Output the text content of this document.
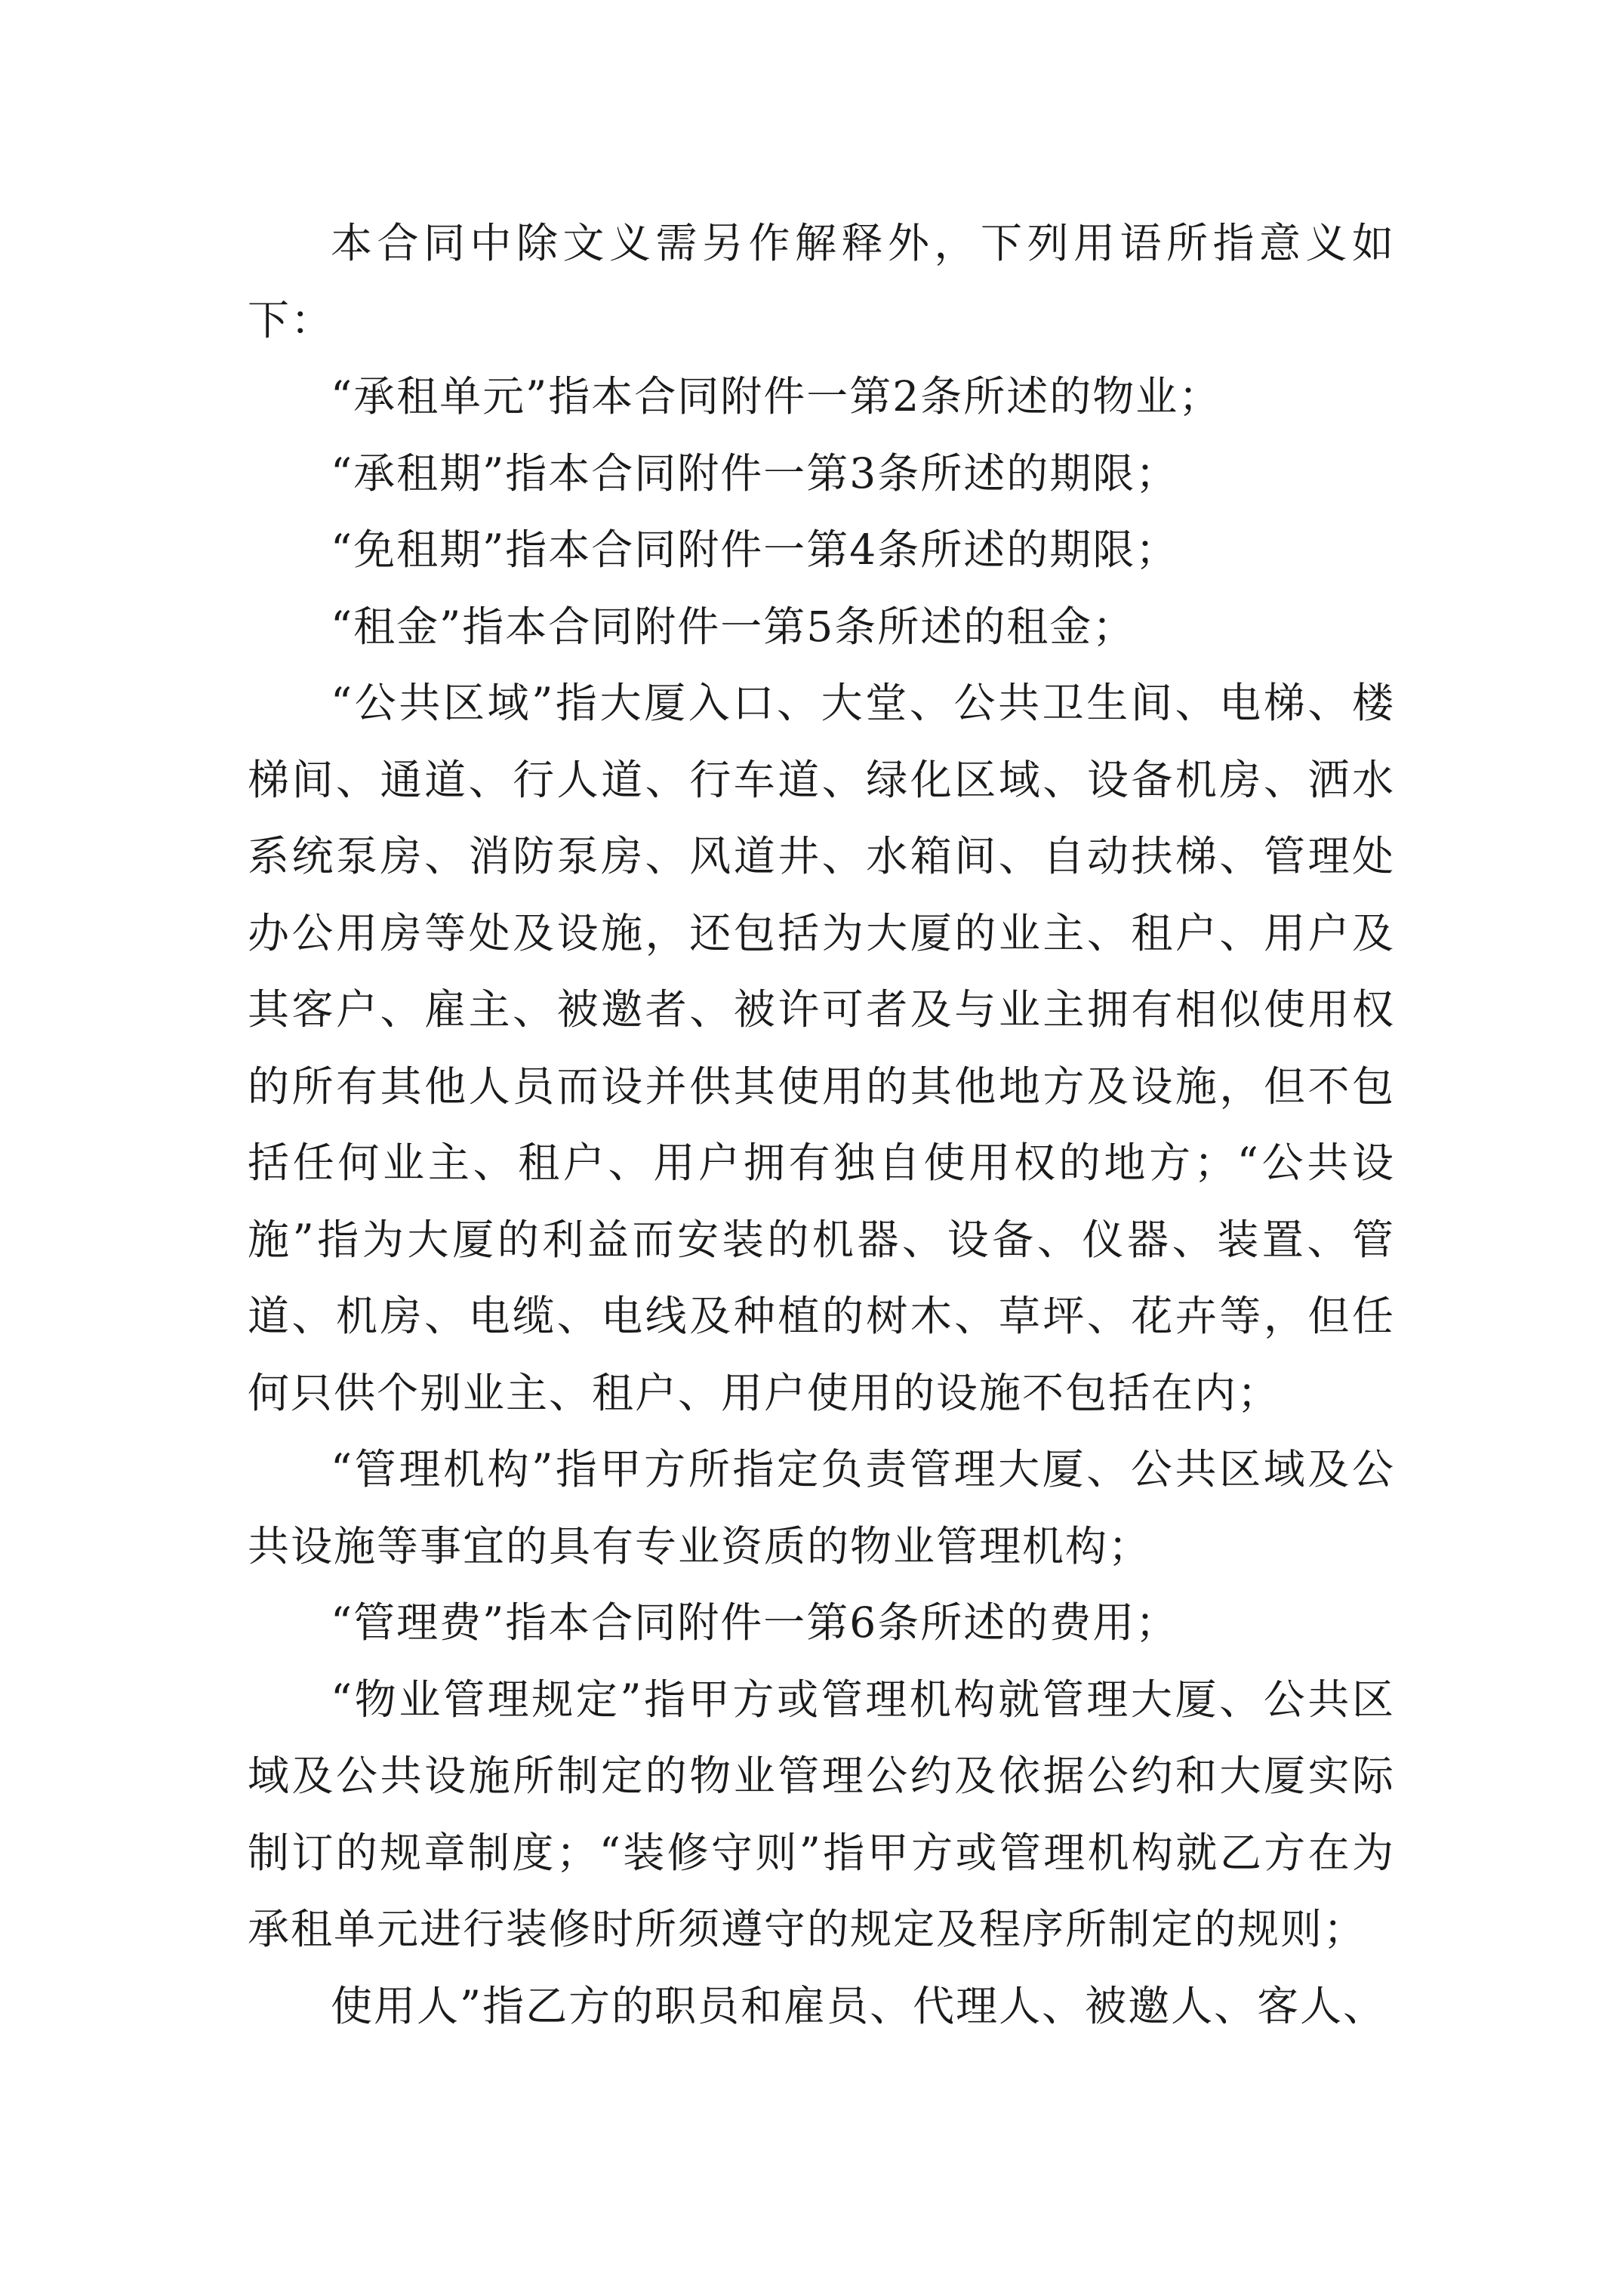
本合同中除文义需另作解释外，下列用语所指意义如下：

“承租单元”指本合同附件一第2条所述的物业；

“承租期”指本合同附件一第3条所述的期限；

“免租期”指本合同附件一第4条所述的期限；

“租金”指本合同附件一第5条所述的租金；

“公共区域”指大厦入口、大堂、公共卫生间、电梯、楼梯间、通道、行人道、行车道、绿化区域、设备机房、洒水系统泵房、消防泵房、风道井、水箱间、自动扶梯、管理处办公用房等处及设施，还包括为大厦的业主、租户、用户及其客户、雇主、被邀者、被许可者及与业主拥有相似使用权的所有其他人员而设并供其使用的其他地方及设施，但不包括任何业主、租户、用户拥有独自使用权的地方；“公共设施”指为大厦的利益而安装的机器、设备、仪器、装置、管道、机房、电缆、电线及种植的树木、草坪、花卉等，但任何只供个别业主、租户、用户使用的设施不包括在内；

“管理机构”指甲方所指定负责管理大厦、公共区域及公共设施等事宜的具有专业资质的物业管理机构；

“管理费”指本合同附件一第6条所述的费用；

“物业管理规定”指甲方或管理机构就管理大厦、公共区域及公共设施所制定的物业管理公约及依据公约和大厦实际制订的规章制度；“装修守则”指甲方或管理机构就乙方在为承租单元进行装修时所须遵守的规定及程序所制定的规则；

使用人”指乙方的职员和雇员、代理人、被邀人、客人、
